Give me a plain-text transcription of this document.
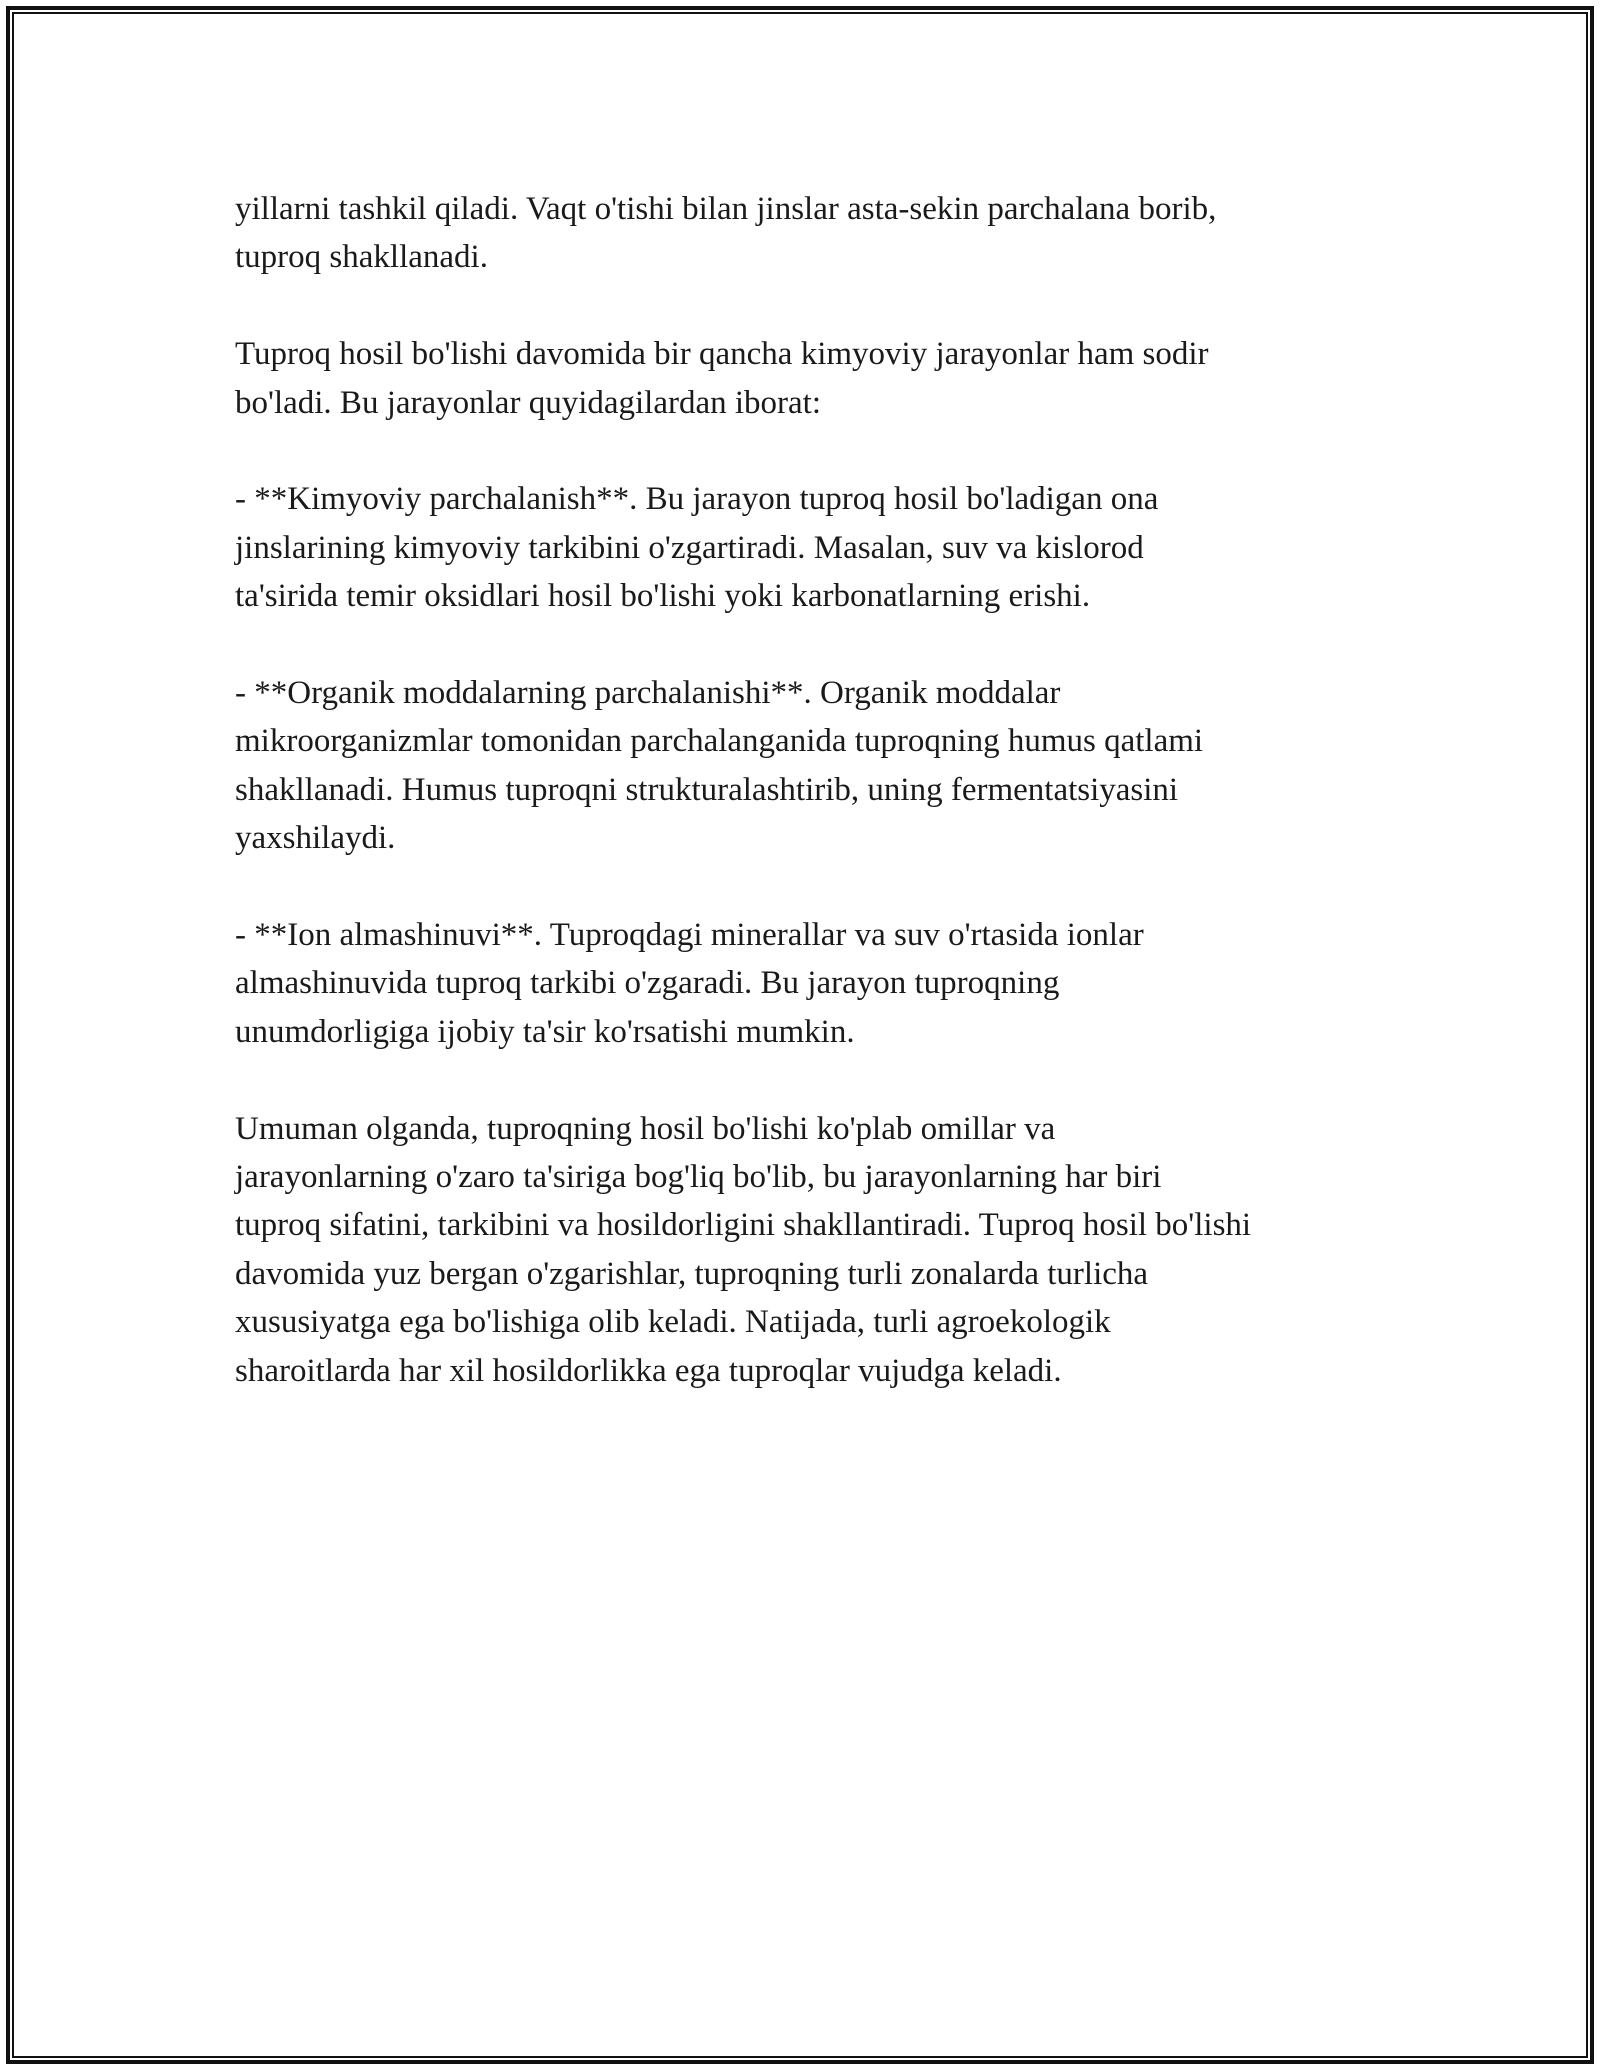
yillarni tashkil qiladi. Vaqt o'tishi bilan jinslar asta-sekin parchalana borib,
tuproq shakllanadi.

Tuproq hosil bo'lishi davomida bir qancha kimyoviy jarayonlar ham sodir
bo'ladi. Bu jarayonlar quyidagilardan iborat:

- **Kimyoviy parchalanish**. Bu jarayon tuproq hosil bo'ladigan ona
jinslarining kimyoviy tarkibini o'zgartiradi. Masalan, suv va kislorod
ta'sirida temir oksidlari hosil bo'lishi yoki karbonatlarning erishi.

- **Organik moddalarning parchalanishi**. Organik moddalar
mikroorganizmlar tomonidan parchalanganida tuproqning humus qatlami
shakllanadi. Humus tuproqni strukturalashtirib, uning fermentatsiyasini
yaxshilaydi.

- **Ion almashinuvi**. Tuproqdagi minerallar va suv o'rtasida ionlar
almashinuvida tuproq tarkibi o'zgaradi. Bu jarayon tuproqning
unumdorligiga ijobiy ta'sir ko'rsatishi mumkin.

Umuman olganda, tuproqning hosil bo'lishi ko'plab omillar va
jarayonlarning o'zaro ta'siriga bog'liq bo'lib, bu jarayonlarning har biri
tuproq sifatini, tarkibini va hosildorligini shakllantiradi. Tuproq hosil bo'lishi
davomida yuz bergan o'zgarishlar, tuproqning turli zonalarda turlicha
xususiyatga ega bo'lishiga olib keladi. Natijada, turli agroekologik
sharoitlarda har xil hosildorlikka ega tuproqlar vujudga keladi.
